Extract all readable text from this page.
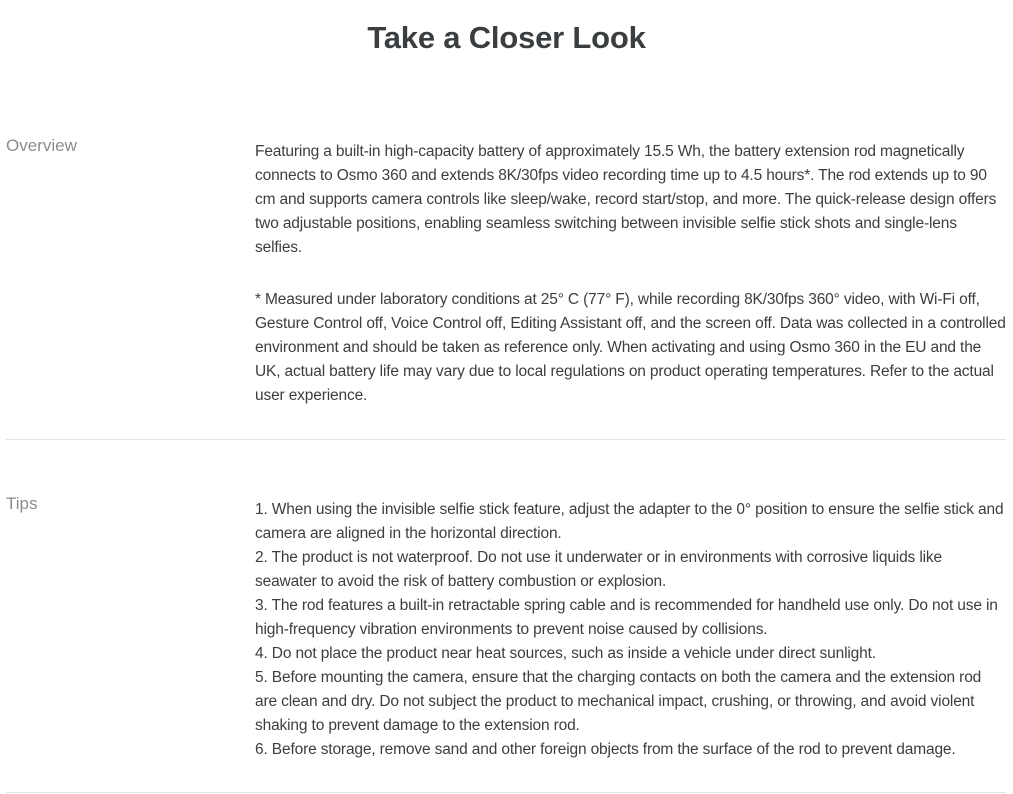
Take a Closer Look
Overview	Featuring a built-in high-capacity battery of approximately 15.5 Wh, the battery extension rod magnetically connects to Osmo 360 and extends 8K/30fps video recording time up to 4.5 hours*. The rod extends up to 90 cm and supports camera controls like sleep/wake, record start/stop, and more. The quick-release design offers two adjustable positions, enabling seamless switching between invisible selfie stick shots and single-lens selfies.

* Measured under laboratory conditions at 25° C (77° F), while recording 8K/30fps 360° video, with Wi-Fi off, Gesture Control off, Voice Control off, Editing Assistant off, and the screen off. Data was collected in a controlled environment and should be taken as reference only. When activating and using Osmo 360 in the EU and the UK, actual battery life may vary due to local regulations on product operating temperatures. Refer to the actual user experience.

Tips	1. When using the invisible selfie stick feature, adjust the adapter to the 0° position to ensure the selfie stick and camera are aligned in the horizontal direction.

2. The product is not waterproof. Do not use it underwater or in environments with corrosive liquids like seawater to avoid the risk of battery combustion or explosion.

3. The rod features a built-in retractable spring cable and is recommended for handheld use only. Do not use in high-frequency vibration environments to prevent noise caused by collisions.

4. Do not place the product near heat sources, such as inside a vehicle under direct sunlight.

5. Before mounting the camera, ensure that the charging contacts on both the camera and the extension rod are clean and dry. Do not subject the product to mechanical impact, crushing, or throwing, and avoid violent shaking to prevent damage to the extension rod.

6. Before storage, remove sand and other foreign objects from the surface of the rod to prevent damage.
